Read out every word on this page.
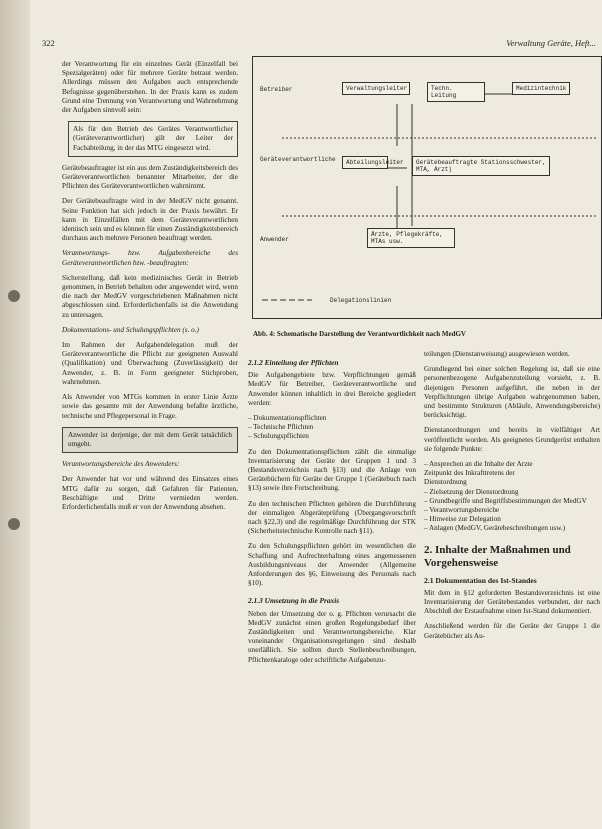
322	Verwaltung Geräte, Heft...

der Verantwortung für ein einzelnes Gerät (Einzelfall bei Spezialgeräten) oder für mehrere Geräte betraut werden. Allerdings müssen den Aufgaben auch entsprechende Befugnisse gegenüberstehen. In der Praxis kann es zudem Grund eine Trennung von Verantwortung und Wahrnehmung der Aufgaben sinnvoll sein:

Als für den Betrieb des Gerätes Verantwortlicher (Geräteverantwortlicher) gilt der Leiter der Fachabteilung, in der das MTG eingesetzt wird.

Gerätebeauftragter ist ein aus dem Zuständigkeitsbereich des Geräteverantwortlichen benannter Mitarbeiter, der die Pflichten des Geräteverantwortlichen wahrnimmt.

Der Gerätebeauftragte wird in der MedGV nicht genannt. Seine Funktion hat sich jedoch in der Praxis bewährt. Er kann in Einzelfällen mit dem Geräteverantwortlichen identisch sein und es können für einen Zuständigkeitsbereich durchaus auch mehrere Personen beauftragt werden.

Verantwortungs- bzw. Aufgabenbereiche des Geräteverantwortlichen bzw. -beauftragten:

Sicherstellung, daß kein medizinisches Gerät in Betrieb genommen, in Betrieb behalten oder angewendet wird, wenn die nach der MedGV vorgeschriebenen Maßnahmen nicht abgeschlossen sind. Erforderlichenfalls ist die Anwendung zu untersagen.

Dokumentations- und Schulungspflichten (s. o.)

Im Rahmen der Aufgabendelegation muß der Geräteverantwortliche die Pflicht zur geeigneten Auswahl (Qualifikation) und Überwachung (Zuverlässigkeit) der Anwender, z. B. in Form geeigneter Stichproben, wahrnehmen.

Als Anwender von MTGs kommen in erster Linie Ärzte sowie das gesamte mit der Anwendung befaßte ärztliche, technische und Pflegepersonal in Frage.

Anwender ist derjenige, der mit dem Gerät tatsächlich umgeht.

Verantwortungsbereiche des Anwenders:

Der Anwender hat vor und während des Einsatzes eines MTG dafür zu sorgen, daß Gefahren für Patienten, Beschäftigte und Dritte vermieden werden. Erforderlichenfalls muß er von der Anwendung absehen.

Betreiber
Geräteverantwortliche
Anwender
Verwaltungsleiter	Techn. Leitung
Medizintechnik
Abteilungsleiter	Gerätebeauftragte Stationsschwester, MTA, Arzt)
Ärzte, Pflegekräfte, MTAs usw.
Delegationslinien
Abb. 4: Schematische Darstellung der Verantwortlichkeit nach MedGV
2.1.2 Einteilung der Pflichten

Die Aufgabengebiete bzw. Verpflichtungen gemäß MedGV für Betreiber, Geräteverantwortliche und Anwender können inhaltlich in drei Bereiche gegliedert werden:

– Dokumentationspflichten
– Technische Pflichten
– Schulungspflichten

Zu den Dokumentationspflichten zählt die einmalige Inventarisierung der Geräte der Gruppen 1 und 3 (Bestandsverzeichnis nach §13) und die Anlage von Gerätebüchern für Geräte der Gruppe 1 (Gerätebuch nach §13) sowie ihre Fortschreibung.

Zu den technischen Pflichten gehören die Durchführung der einmaligen Abgeräteprüfung (Übergangsvorschrift nach §22,3) und die regelmäßige Durchführung der STK (Sicherheitstechnische Kontrolle nach §11).

Zu den Schulungspflichten gehört im wesentlichen die Schaffung und Aufrechterhaltung eines angemessenen Ausbildungsniveaus der Anwender (Allgemeine Anforderungen des §6, Einweisung des Personals nach §10).

2.1.3 Umsetzung in die Praxis

Neben der Umsetzung der o. g. Pflichten verursacht die MedGV zunächst einen großen Regelungsbedarf über Zuständigkeiten und Verantwortungsbereiche. Klar voneinander Organisationsregelungen sind deshalb unerläßlich. Sie sollten durch Stellenbeschreibungen, Pflichtenkataloge oder schriftliche Aufgabenzu-

teilungen (Dienstanweisung) ausgewiesen werden.

Grundlegend bei einer solchen Regelung ist, daß sie eine personenbezogene Aufgabenzuteilung vorsieht, z. B. diejenigen Personen aufgeführt, die neben in der Verpflichtungen übrige Aufgaben wahrgenommen haben, und bestimmte Strukturen (Abläufe, Anwendungsbereiche) berücksichtigt.

Dienstanordnungen und bereits in vielfältiger Art veröffentlicht worden. Als geeignetes Grundgerüst enthalten sie folgende Punkte:

– Ansprechen an die Inhalte der Arzte
Zeitpunkt des Inkrafttretens der
Dienstordnung
– Zielsetzung der Dienstordnung
– Grundbegriffe und Begriffsbestimmungen der MedGV
– Verantwortungsbereiche
– Hinweise zur Delegation
– Anlagen (MedGV, Gerätebeschreibungen usw.)
2. Inhalte der Maßnahmen und Vorgehensweise
2.1 Dokumentation des Ist-Standes

Mit dem in §12 geforderten Bestandsverzeichnis ist eine Inventarisierung der Gerätebestandes verbunden, der nach Abschluß der Erstaufnahme einen Ist-Stand dokumentiert.

Anschließend werden für die Geräte der Gruppe 1 die Gerätebücher als Au-
